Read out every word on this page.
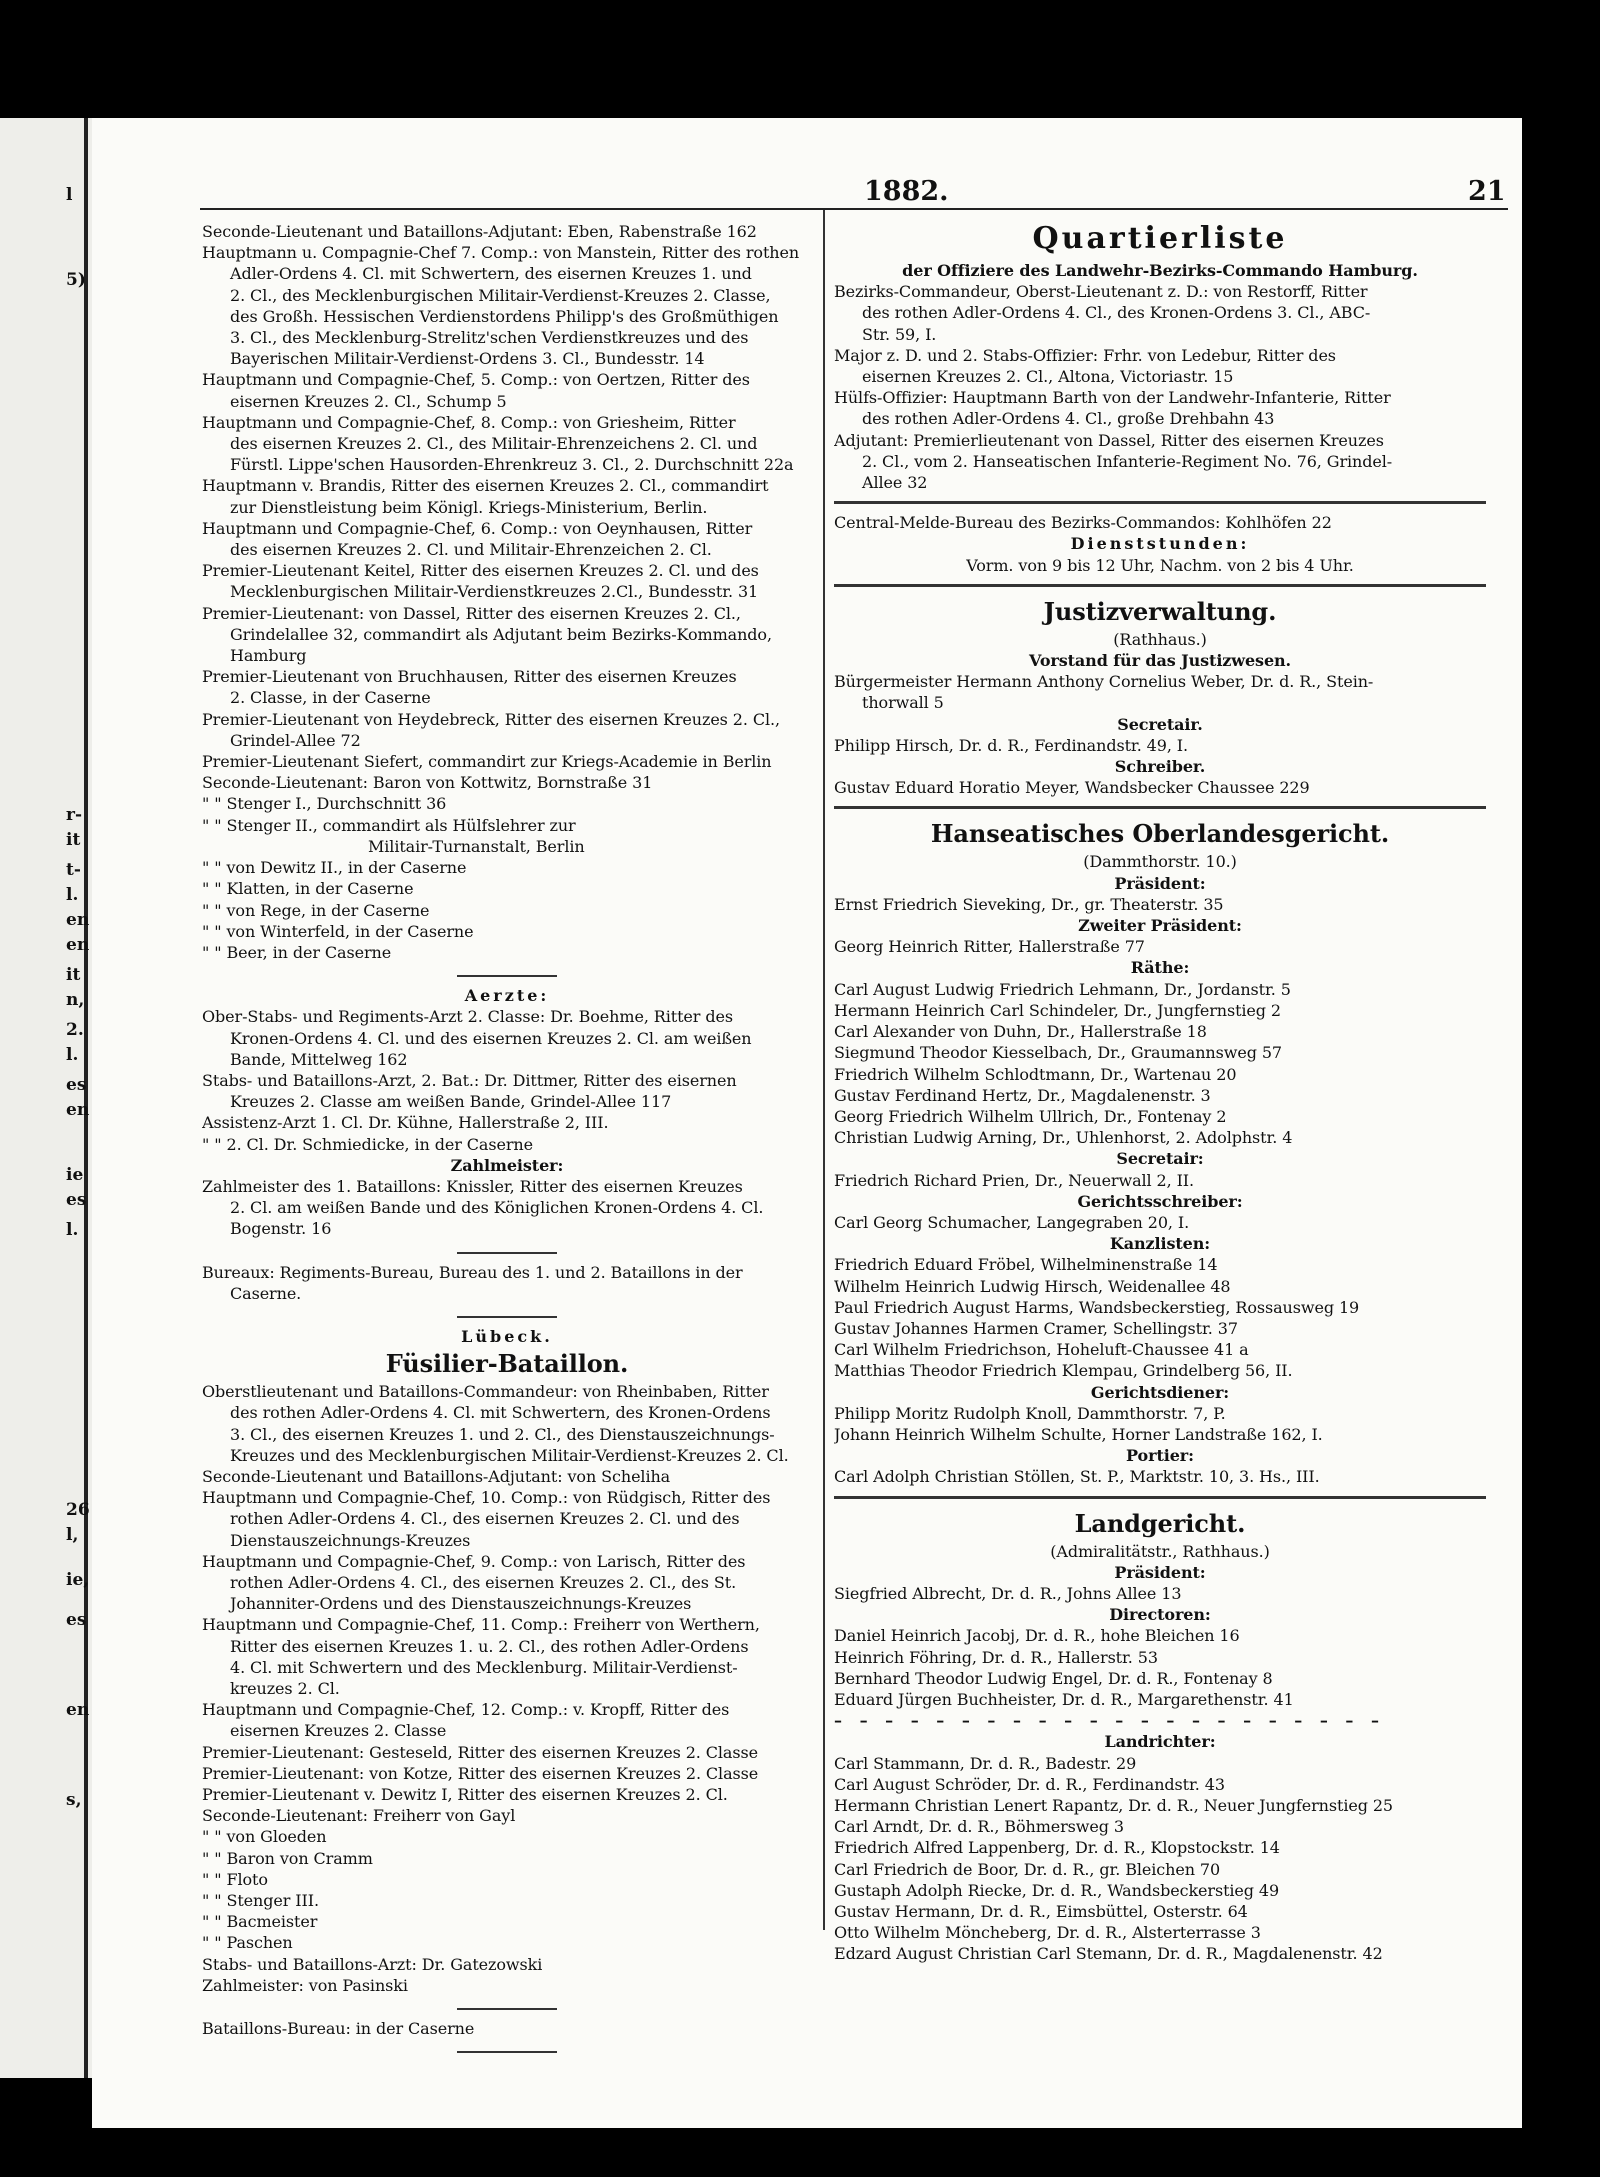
l
5)
r-
it
t-
l.
en
en
it
n,
2.
l.
es
en
ie
es
l.
26
l,
ie,
es
en
s,
1882.	21
Seconde-Lieutenant und Bataillons-Adjutant: Eben, Rabenstraße 162
Hauptmann u. Compagnie-Chef 7. Comp.: von Manstein, Ritter des rothen
Adler-Ordens 4. Cl. mit Schwertern, des eisernen Kreuzes 1. und
2. Cl., des Mecklenburgischen Militair-Verdienst-Kreuzes 2. Classe,
des Großh. Hessischen Verdienstordens Philipp's des Großmüthigen
3. Cl., des Mecklenburg-Strelitz'schen Verdienstkreuzes und des
Bayerischen Militair-Verdienst-Ordens 3. Cl., Bundesstr. 14
Hauptmann und Compagnie-Chef, 5. Comp.: von Oertzen, Ritter des
eisernen Kreuzes 2. Cl., Schump 5
Hauptmann und Compagnie-Chef, 8. Comp.: von Griesheim, Ritter
des eisernen Kreuzes 2. Cl., des Militair-Ehrenzeichens 2. Cl. und
Fürstl. Lippe'schen Hausorden-Ehrenkreuz 3. Cl., 2. Durchschnitt 22a
Hauptmann v. Brandis, Ritter des eisernen Kreuzes 2. Cl., commandirt
zur Dienstleistung beim Königl. Kriegs-Ministerium, Berlin.
Hauptmann und Compagnie-Chef, 6. Comp.: von Oeynhausen, Ritter
des eisernen Kreuzes 2. Cl. und Militair-Ehrenzeichen 2. Cl.
Premier-Lieutenant Keitel, Ritter des eisernen Kreuzes 2. Cl. und des
Mecklenburgischen Militair-Verdienstkreuzes 2.Cl., Bundesstr. 31
Premier-Lieutenant: von Dassel, Ritter des eisernen Kreuzes 2. Cl.,
Grindelallee 32, commandirt als Adjutant beim Bezirks-Kommando,
Hamburg
Premier-Lieutenant von Bruchhausen, Ritter des eisernen Kreuzes
2. Classe, in der Caserne
Premier-Lieutenant von Heydebreck, Ritter des eisernen Kreuzes 2. Cl.,
Grindel-Allee 72
Premier-Lieutenant Siefert, commandirt zur Kriegs-Academie in Berlin
Seconde-Lieutenant: Baron von Kottwitz, Bornstraße 31
" " Stenger I., Durchschnitt 36
" " Stenger II., commandirt als Hülfslehrer zur
Militair-Turnanstalt, Berlin
" " von Dewitz II., in der Caserne
" " Klatten, in der Caserne
" " von Rege, in der Caserne
" " von Winterfeld, in der Caserne
" " Beer, in der Caserne
Aerzte:
Ober-Stabs- und Regiments-Arzt 2. Classe: Dr. Boehme, Ritter des
Kronen-Ordens 4. Cl. und des eisernen Kreuzes 2. Cl. am weißen
Bande, Mittelweg 162
Stabs- und Bataillons-Arzt, 2. Bat.: Dr. Dittmer, Ritter des eisernen
Kreuzes 2. Classe am weißen Bande, Grindel-Allee 117
Assistenz-Arzt 1. Cl. Dr. Kühne, Hallerstraße 2, III.
" " 2. Cl. Dr. Schmiedicke, in der Caserne
Zahlmeister:
Zahlmeister des 1. Bataillons: Knissler, Ritter des eisernen Kreuzes
2. Cl. am weißen Bande und des Königlichen Kronen-Ordens 4. Cl.
Bogenstr. 16
Bureaux: Regiments-Bureau, Bureau des 1. und 2. Bataillons in der
Caserne.
Lübeck.
Füsilier-Bataillon.
Oberstlieutenant und Bataillons-Commandeur: von Rheinbaben, Ritter
des rothen Adler-Ordens 4. Cl. mit Schwertern, des Kronen-Ordens
3. Cl., des eisernen Kreuzes 1. und 2. Cl., des Dienstauszeichnungs-
Kreuzes und des Mecklenburgischen Militair-Verdienst-Kreuzes 2. Cl.
Seconde-Lieutenant und Bataillons-Adjutant: von Scheliha
Hauptmann und Compagnie-Chef, 10. Comp.: von Rüdgisch, Ritter des
rothen Adler-Ordens 4. Cl., des eisernen Kreuzes 2. Cl. und des
Dienstauszeichnungs-Kreuzes
Hauptmann und Compagnie-Chef, 9. Comp.: von Larisch, Ritter des
rothen Adler-Ordens 4. Cl., des eisernen Kreuzes 2. Cl., des St.
Johanniter-Ordens und des Dienstauszeichnungs-Kreuzes
Hauptmann und Compagnie-Chef, 11. Comp.: Freiherr von Werthern,
Ritter des eisernen Kreuzes 1. u. 2. Cl., des rothen Adler-Ordens
4. Cl. mit Schwertern und des Mecklenburg. Militair-Verdienst-
kreuzes 2. Cl.
Hauptmann und Compagnie-Chef, 12. Comp.: v. Kropff, Ritter des
eisernen Kreuzes 2. Classe
Premier-Lieutenant: Gesteseld, Ritter des eisernen Kreuzes 2. Classe
Premier-Lieutenant: von Kotze, Ritter des eisernen Kreuzes 2. Classe
Premier-Lieutenant v. Dewitz I, Ritter des eisernen Kreuzes 2. Cl.
Seconde-Lieutenant: Freiherr von Gayl
" " von Gloeden
" " Baron von Cramm
" " Floto
" " Stenger III.
" " Bacmeister
" " Paschen
Stabs- und Bataillons-Arzt: Dr. Gatezowski
Zahlmeister: von Pasinski
Bataillons-Bureau: in der Caserne
Quartierliste
der Offiziere des Landwehr-Bezirks-Commando Hamburg.
Bezirks-Commandeur, Oberst-Lieutenant z. D.: von Restorff, Ritter
des rothen Adler-Ordens 4. Cl., des Kronen-Ordens 3. Cl., ABC-
Str. 59, I.
Major z. D. und 2. Stabs-Offizier: Frhr. von Ledebur, Ritter des
eisernen Kreuzes 2. Cl., Altona, Victoriastr. 15
Hülfs-Offizier: Hauptmann Barth von der Landwehr-Infanterie, Ritter
des rothen Adler-Ordens 4. Cl., große Drehbahn 43
Adjutant: Premierlieutenant von Dassel, Ritter des eisernen Kreuzes
2. Cl., vom 2. Hanseatischen Infanterie-Regiment No. 76, Grindel-
Allee 32
Central-Melde-Bureau des Bezirks-Commandos: Kohlhöfen 22
Dienststunden:
Vorm. von 9 bis 12 Uhr, Nachm. von 2 bis 4 Uhr.
Justizverwaltung.
(Rathhaus.)
Vorstand für das Justizwesen.
Bürgermeister Hermann Anthony Cornelius Weber, Dr. d. R., Stein-
thorwall 5
Secretair.
Philipp Hirsch, Dr. d. R., Ferdinandstr. 49, I.
Schreiber.
Gustav Eduard Horatio Meyer, Wandsbecker Chaussee 229
Hanseatisches Oberlandesgericht.
(Dammthorstr. 10.)
Präsident:
Ernst Friedrich Sieveking, Dr., gr. Theaterstr. 35
Zweiter Präsident:
Georg Heinrich Ritter, Hallerstraße 77
Räthe:
Carl August Ludwig Friedrich Lehmann, Dr., Jordanstr. 5
Hermann Heinrich Carl Schindeler, Dr., Jungfernstieg 2
Carl Alexander von Duhn, Dr., Hallerstraße 18
Siegmund Theodor Kiesselbach, Dr., Graumannsweg 57
Friedrich Wilhelm Schlodtmann, Dr., Wartenau 20
Gustav Ferdinand Hertz, Dr., Magdalenenstr. 3
Georg Friedrich Wilhelm Ullrich, Dr., Fontenay 2
Christian Ludwig Arning, Dr., Uhlenhorst, 2. Adolphstr. 4
Secretair:
Friedrich Richard Prien, Dr., Neuerwall 2, II.
Gerichtsschreiber:
Carl Georg Schumacher, Langegraben 20, I.
Kanzlisten:
Friedrich Eduard Fröbel, Wilhelminenstraße 14
Wilhelm Heinrich Ludwig Hirsch, Weidenallee 48
Paul Friedrich August Harms, Wandsbeckerstieg, Rossausweg 19
Gustav Johannes Harmen Cramer, Schellingstr. 37
Carl Wilhelm Friedrichson, Hoheluft-Chaussee 41 a
Matthias Theodor Friedrich Klempau, Grindelberg 56, II.
Gerichtsdiener:
Philipp Moritz Rudolph Knoll, Dammthorstr. 7, P.
Johann Heinrich Wilhelm Schulte, Horner Landstraße 162, I.
Portier:
Carl Adolph Christian Stöllen, St. P., Marktstr. 10, 3. Hs., III.
Landgericht.
(Admiralitätstr., Rathhaus.)
Präsident:
Siegfried Albrecht, Dr. d. R., Johns Allee 13
Directoren:
Daniel Heinrich Jacobj, Dr. d. R., hohe Bleichen 16
Heinrich Föhring, Dr. d. R., Hallerstr. 53
Bernhard Theodor Ludwig Engel, Dr. d. R., Fontenay 8
Eduard Jürgen Buchheister, Dr. d. R., Margarethenstr. 41
– – – – – – – – – – – – – – – – – – – – – –
Landrichter:
Carl Stammann, Dr. d. R., Badestr. 29
Carl August Schröder, Dr. d. R., Ferdinandstr. 43
Hermann Christian Lenert Rapantz, Dr. d. R., Neuer Jungfernstieg 25
Carl Arndt, Dr. d. R., Böhmersweg 3
Friedrich Alfred Lappenberg, Dr. d. R., Klopstockstr. 14
Carl Friedrich de Boor, Dr. d. R., gr. Bleichen 70
Gustaph Adolph Riecke, Dr. d. R., Wandsbeckerstieg 49
Gustav Hermann, Dr. d. R., Eimsbüttel, Osterstr. 64
Otto Wilhelm Möncheberg, Dr. d. R., Alsterterrasse 3
Edzard August Christian Carl Stemann, Dr. d. R., Magdalenenstr. 42
